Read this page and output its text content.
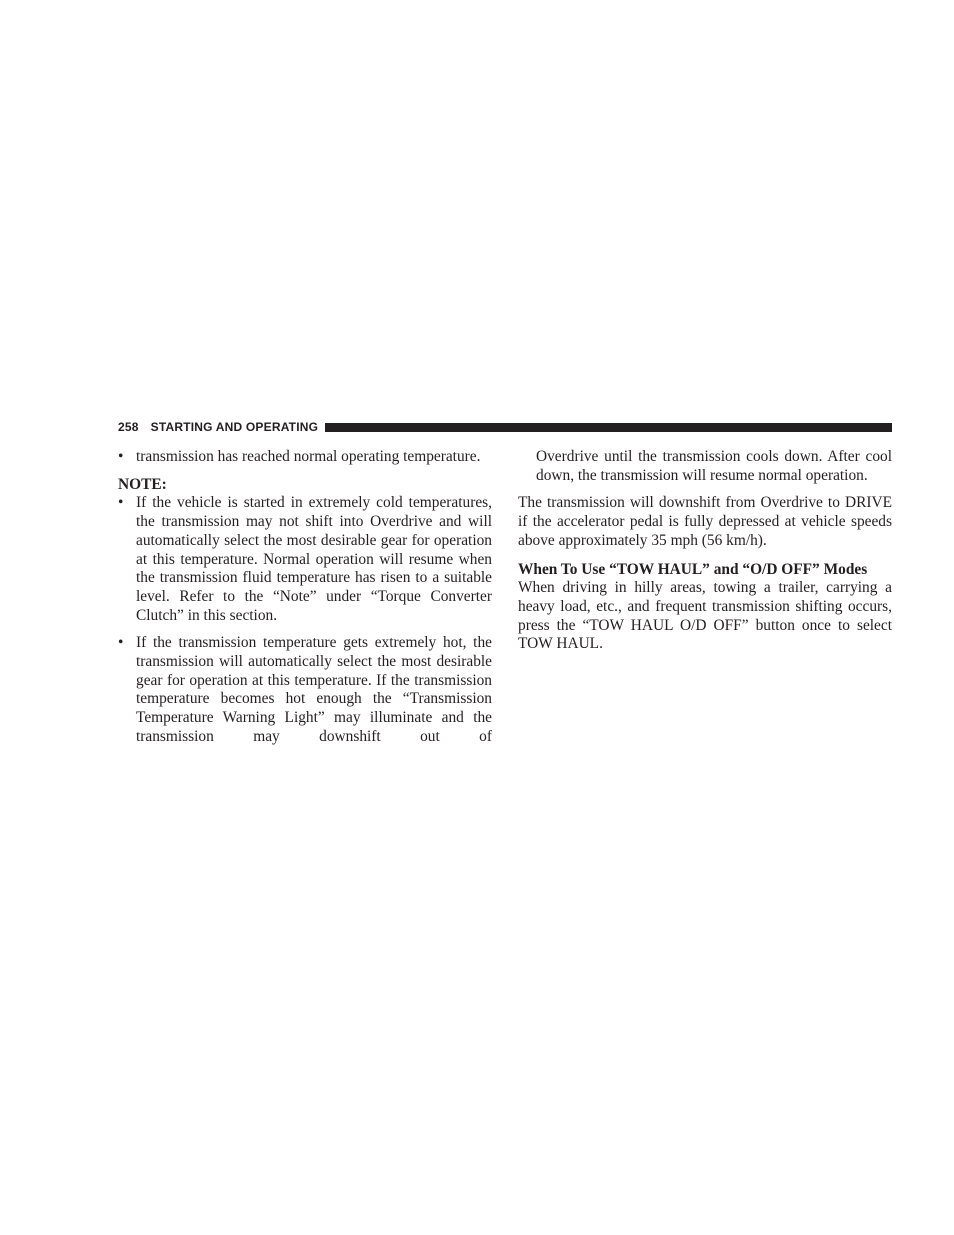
258 STARTING AND OPERATING
• transmission has reached normal operating temperature.

NOTE:

• If the vehicle is started in extremely cold temperatures, the transmission may not shift into Overdrive and will automatically select the most desirable gear for operation at this temperature. Normal operation will resume when the transmission fluid temperature has risen to a suitable level. Refer to the “Note” under “Torque Converter Clutch” in this section.
• If the transmission temperature gets extremely hot, the transmission will automatically select the most desirable gear for operation at this temperature. If the transmission temperature becomes hot enough the “Transmission Temperature Warning Light” may illuminate and the transmission may downshift out of

Overdrive until the transmission cools down. After cool down, the transmission will resume normal operation.

The transmission will downshift from Overdrive to DRIVE if the accelerator pedal is fully depressed at vehicle speeds above approximately 35 mph (56 km/h).

When To Use “TOW HAUL” and “O/D OFF” Modes

When driving in hilly areas, towing a trailer, carrying a heavy load, etc., and frequent transmission shifting occurs, press the “TOW HAUL O/D OFF” button once to select TOW HAUL.
